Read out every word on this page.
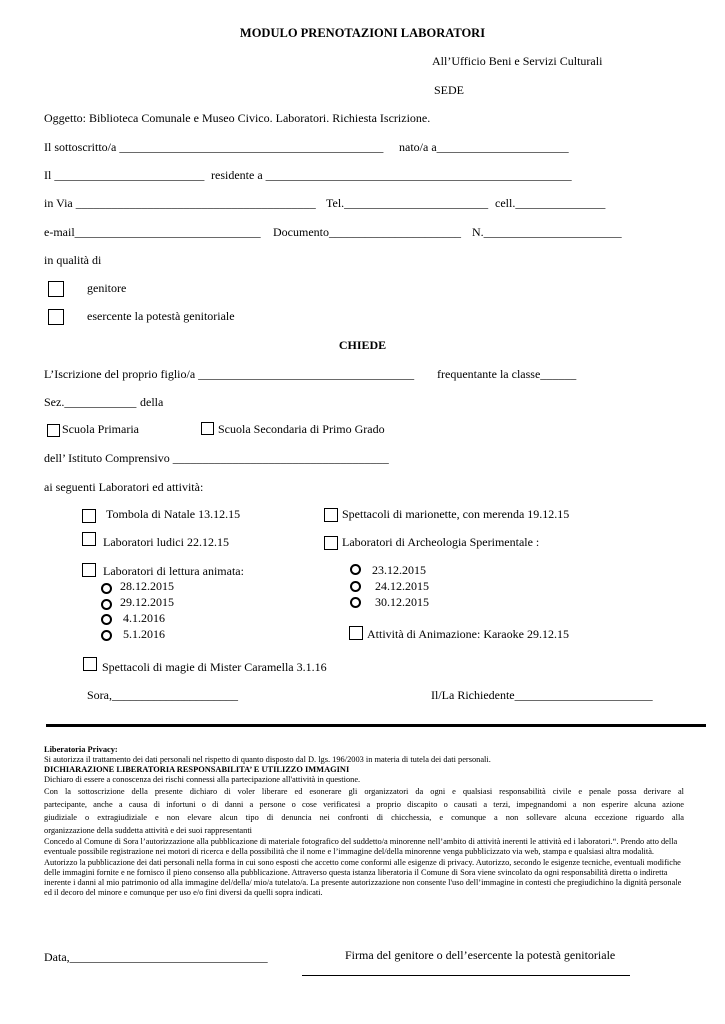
MODULO PRENOTAZIONI LABORATORI
All’Ufficio Beni e Servizi Culturali
SEDE
Oggetto: Biblioteca Comunale e Museo Civico. Laboratori. Richiesta Iscrizione.
Il sottoscritto/a ____________________________________________ nato/a a______________________
Il _________________________ residente a ___________________________________________________
in Via ________________________________________ Tel.________________________ cell._______________
e-mail_______________________________ Documento______________________ N._______________________
in qualità di
genitore
esercente la potestà genitoriale
CHIEDE
L’Iscrizione del proprio figlio/a ____________________________________ frequentante la classe______
Sez.____________ della
Scuola Primaria	Scuola Secondaria di Primo Grado
dell’ Istituto Comprensivo ____________________________________
ai seguenti Laboratori ed attività:
Tombola di Natale 13.12.15
Laboratori ludici 22.12.15
Laboratori di lettura animata:
28.12.2015
29.12.2015
4.1.2016
5.1.2016
Spettacoli di magie di Mister Caramella 3.1.16
Spettacoli di marionette, con merenda 19.12.15
Laboratori di Archeologia Sperimentale :
23.12.2015
24.12.2015
30.12.2015
Attività di Animazione: Karaoke 29.12.15
Sora,_____________________	Il/La Richiedente_______________________

Liberatoria Privacy:

Si autorizza il trattamento dei dati personali nel rispetto di quanto disposto dal D. lgs. 196/2003 in materia di tutela dei dati personali.

DICHIARAZIONE LIBERATORIA RESPONSABILITA’ E UTILIZZO IMMAGINI

Dichiaro di essere a conoscenza dei rischi connessi alla partecipazione all'attività in questione.

Con la sottoscrizione della presente dichiaro di voler liberare ed esonerare gli organizzatori da ogni e qualsiasi responsabilità civile e penale possa derivare al

partecipante, anche a causa di infortuni o di danni a persone o cose verificatesi a proprio discapito o causati a terzi, impegnandomi a non esperire alcuna azione

giudiziale o extragiudiziale e non elevare alcun tipo di denuncia nei confronti di chicchessia, e comunque a non sollevare alcuna eccezione riguardo alla

organizzazione della suddetta attività e dei suoi rappresentanti

Concedo al Comune di Sora l’autorizzazione alla pubblicazione di materiale fotografico del suddetto/a minorenne nell’ambito di attività inerenti le attività ed i laboratori.“. Prendo atto della eventuale possibile registrazione nei motori di ricerca e della possibilità che il nome e l’immagine del/della minorenne venga pubblicizzato via web, stampa e qualsiasi altra modalità. Autorizzo la pubblicazione dei dati personali nella forma in cui sono esposti che accetto come conformi alle esigenze di privacy. Autorizzo, secondo le esigenze tecniche, eventuali modifiche delle immagini fornite e ne fornisco il pieno consenso alla pubblicazione. Attraverso questa istanza liberatoria il Comune di Sora viene svincolato da ogni responsabilità diretta o indiretta inerente i danni al mio patrimonio od alla immagine del/della/ mio/a tutelato/a. La presente autorizzazione non consente l'uso dell’immagine in contesti che pregiudichino la dignità personale ed il decoro del minore e comunque per uso e/o fini diversi da quelli sopra indicati.

Data,_________________________________	Firma del genitore o dell’esercente la potestà genitoriale
